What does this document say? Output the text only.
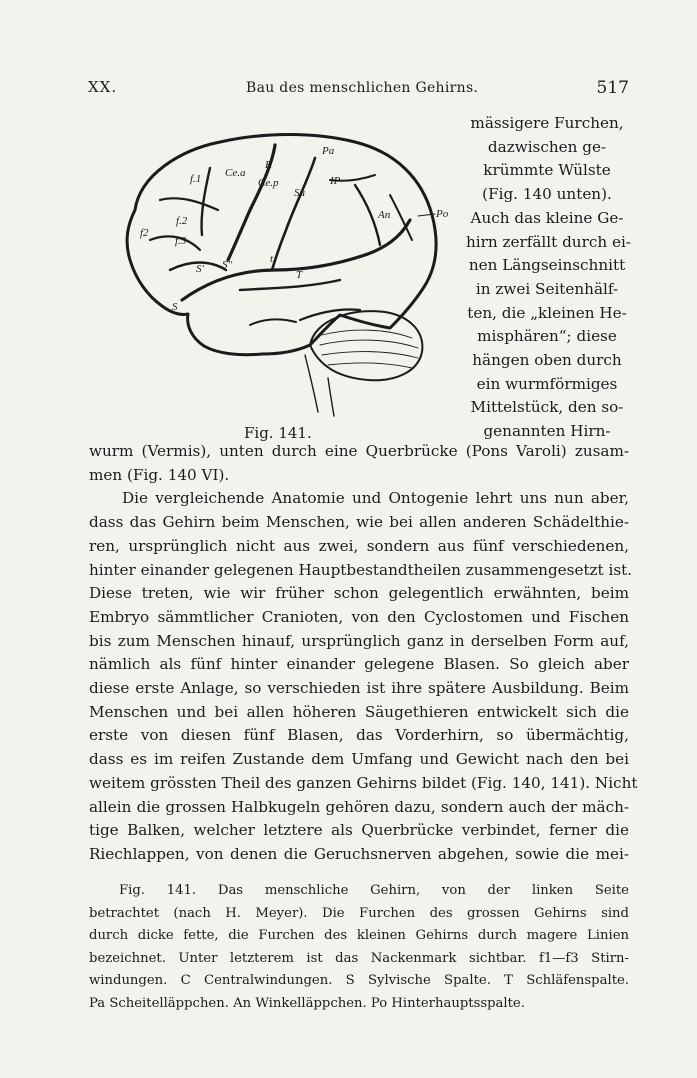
XX.	Bau des menschlichen Gehirns.	517
Pa
R
Ce.a
Ce.p
Su
IP
An	Po
f.1
f.2
f.3
f2
S
S' S''	t
T
Fig. 141.
mässigere Furchen,
dazwischen ge-
krümmte Wülste
(Fig. 140 unten).
Auch das kleine Ge-
hirn zerfällt durch ei-
nen Längseinschnitt
in zwei Seitenhälf-
ten, die „kleinen He-
misphären“; diese
hängen oben durch
ein wurmförmiges
Mittelstück, den so-
genannten Hirn-
wurm (Vermis), unten durch eine Querbrücke (Pons Varoli) zusam-
men (Fig. 140 VI).
Die vergleichende Anatomie und Ontogenie lehrt uns nun aber,
dass das Gehirn beim Menschen, wie bei allen anderen Schädelthie-
ren, ursprünglich nicht aus zwei, sondern aus fünf verschiedenen,
hinter einander gelegenen Hauptbestandtheilen zusammengesetzt ist.
Diese treten, wie wir früher schon gelegentlich erwähnten, beim
Embryo sämmtlicher Cranioten, von den Cyclostomen und Fischen
bis zum Menschen hinauf, ursprünglich ganz in derselben Form auf,
nämlich als fünf hinter einander gelegene Blasen. So gleich aber
diese erste Anlage, so verschieden ist ihre spätere Ausbildung. Beim
Menschen und bei allen höheren Säugethieren entwickelt sich die
erste von diesen fünf Blasen, das Vorderhirn, so übermächtig,
dass es im reifen Zustande dem Umfang und Gewicht nach den bei
weitem grössten Theil des ganzen Gehirns bildet (Fig. 140, 141). Nicht
allein die grossen Halbkugeln gehören dazu, sondern auch der mäch-
tige Balken, welcher letztere als Querbrücke verbindet, ferner die
Riechlappen, von denen die Geruchsnerven abgehen, sowie die mei-
Fig. 141. Das menschliche Gehirn, von der linken Seite
betrachtet (nach H. Meyer). Die Furchen des grossen Gehirns sind
durch dicke fette, die Furchen des kleinen Gehirns durch magere Linien
bezeichnet. Unter letzterem ist das Nackenmark sichtbar. f1—f3 Stirn-
windungen. C Centralwindungen. S Sylvische Spalte. T Schläfenspalte.
Pa Scheitelläppchen. An Winkelläppchen. Po Hinterhauptsspalte.
